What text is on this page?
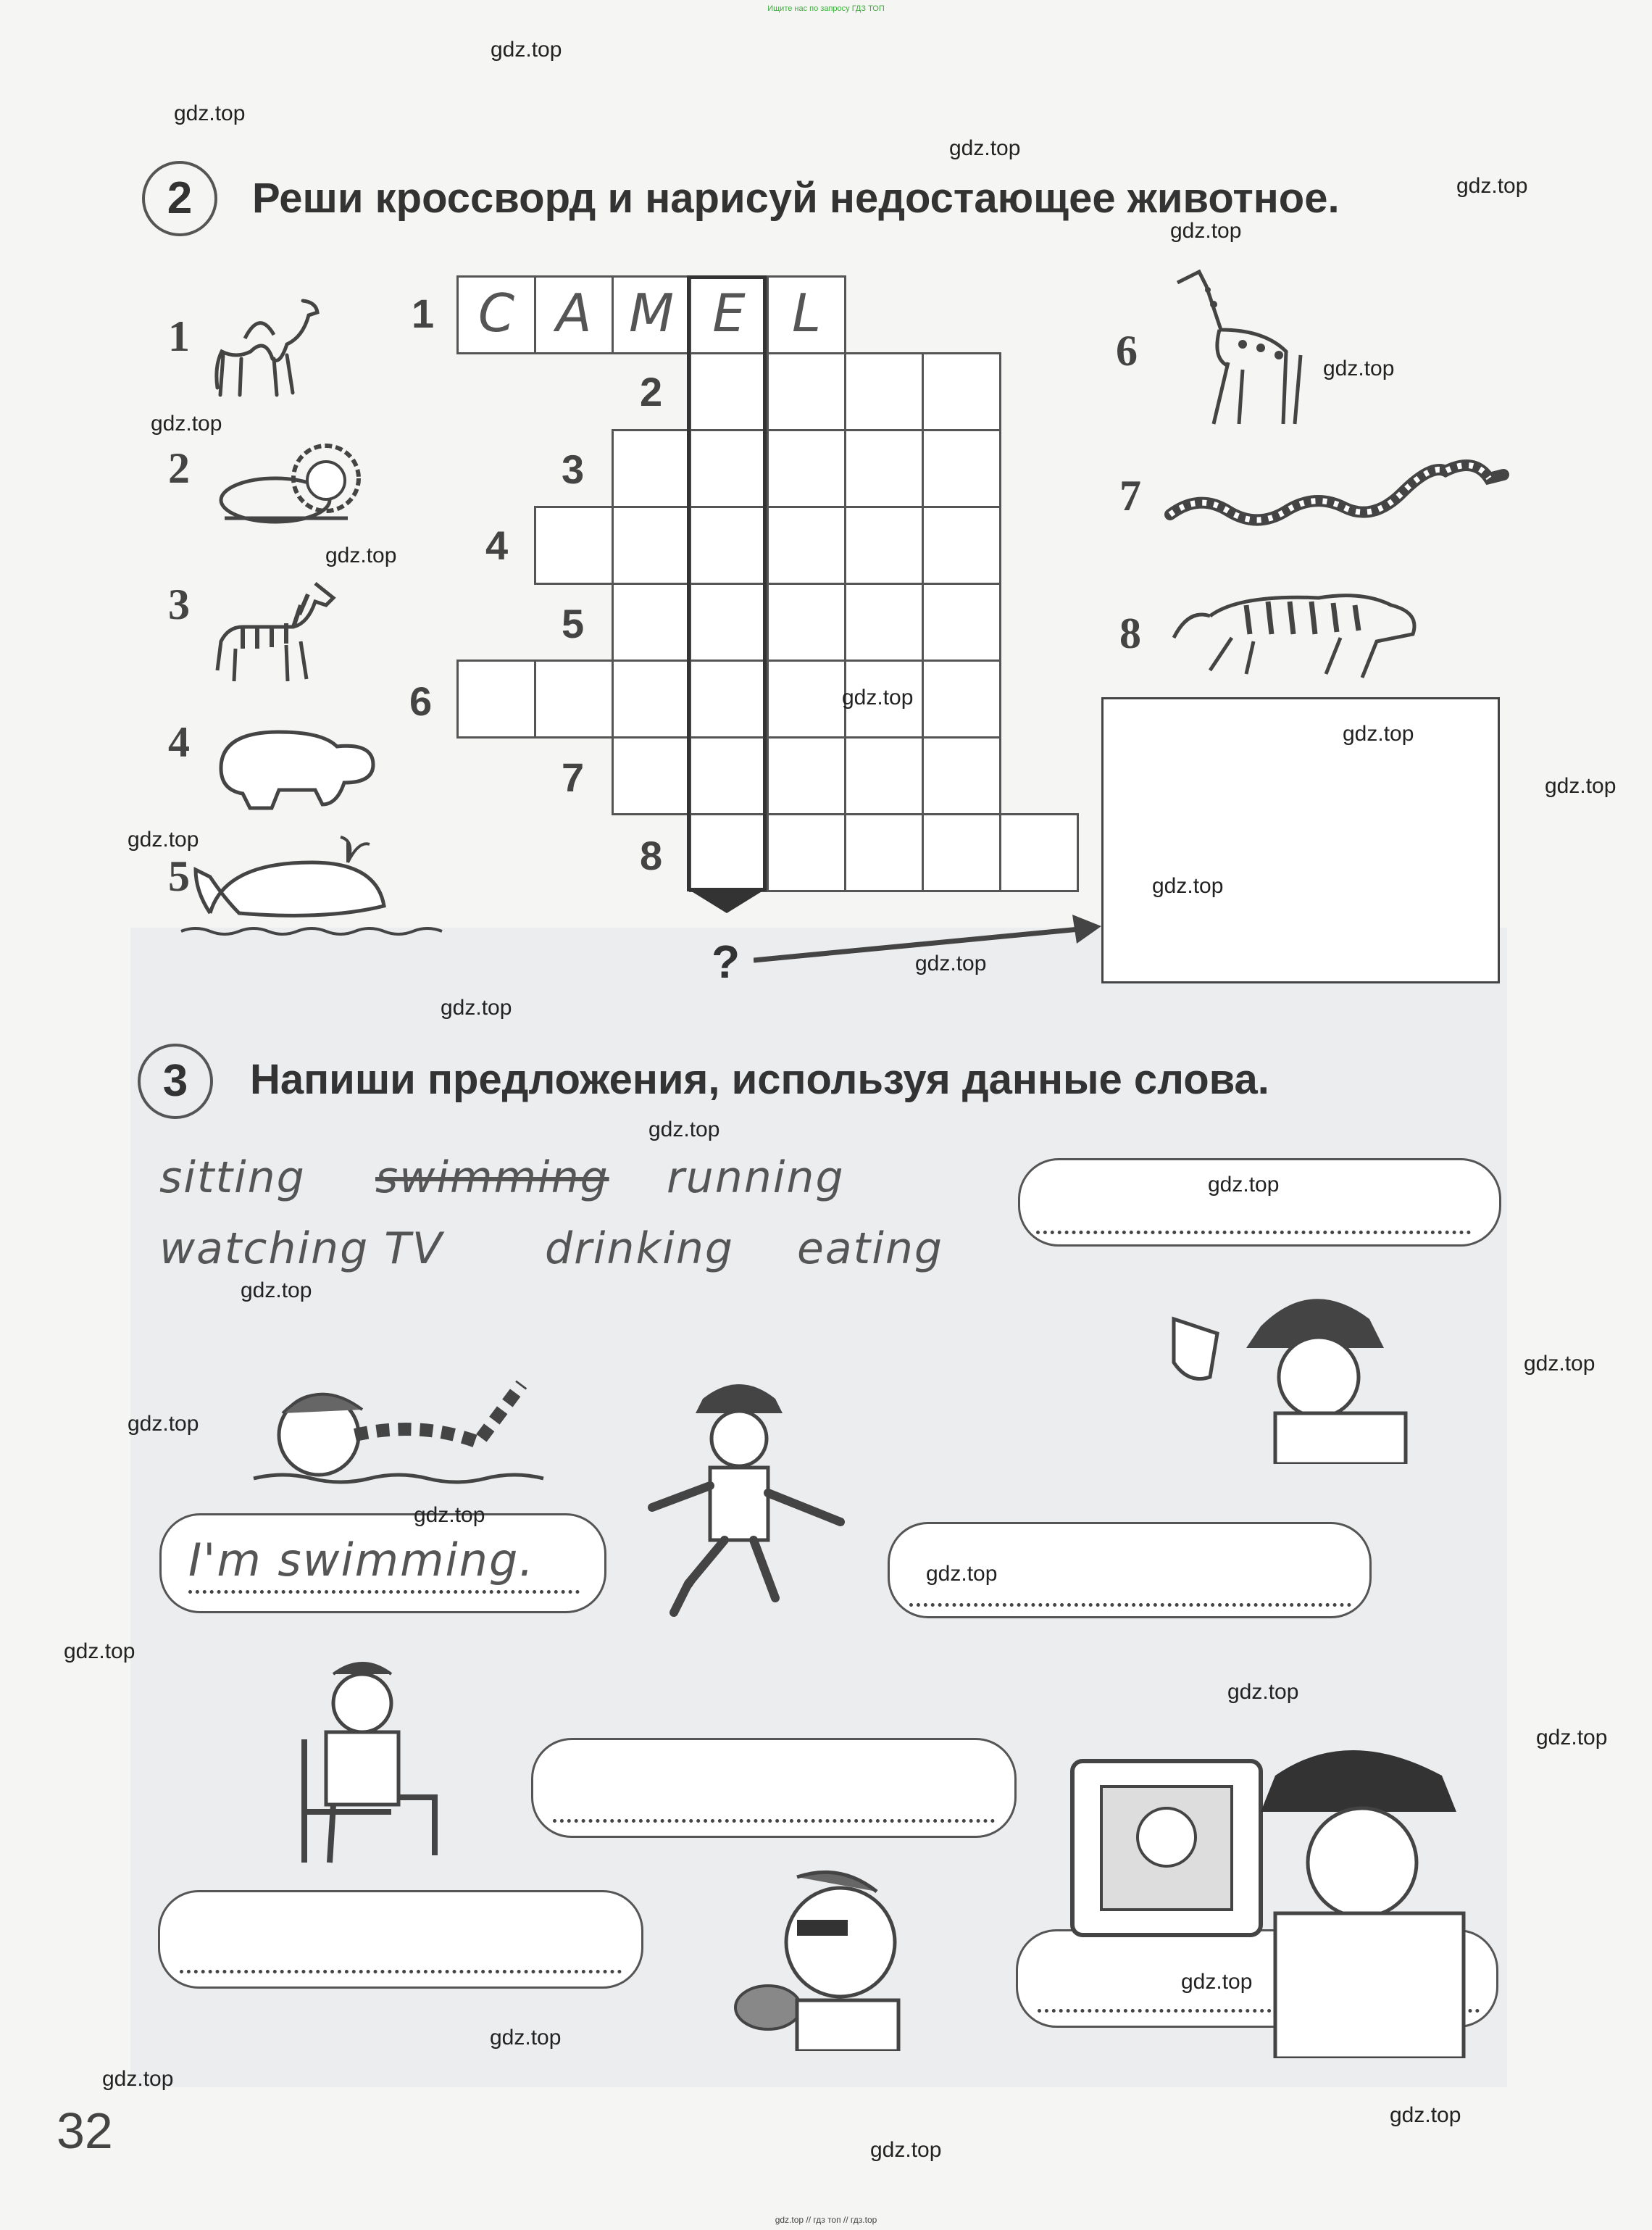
Ищите нас по запросу ГДЗ ТОП
2	Реши кроссворд и нарисуй недостающее животное.
1
2
3
4
5
1
2
3
4
5
6
7
8
C A M E L
?
6
7
8
3	Напиши предложения, используя данные слова.
sitting swimming running
watching TV drinking eating
I'm swimming.
32
gdz.top
gdz.top
gdz.top
gdz.top
gdz.top
gdz.top
gdz.top
gdz.top
gdz.top
gdz.top
gdz.top
gdz.top
gdz.top
gdz.top
gdz.top
gdz.top
gdz.top
gdz.top
gdz.top
gdz.top
gdz.top
gdz.top
gdz.top
gdz.top
gdz.top
gdz.top
gdz.top
gdz.top
gdz.top
gdz.top
gdz.top // гдз топ // гдз.top
